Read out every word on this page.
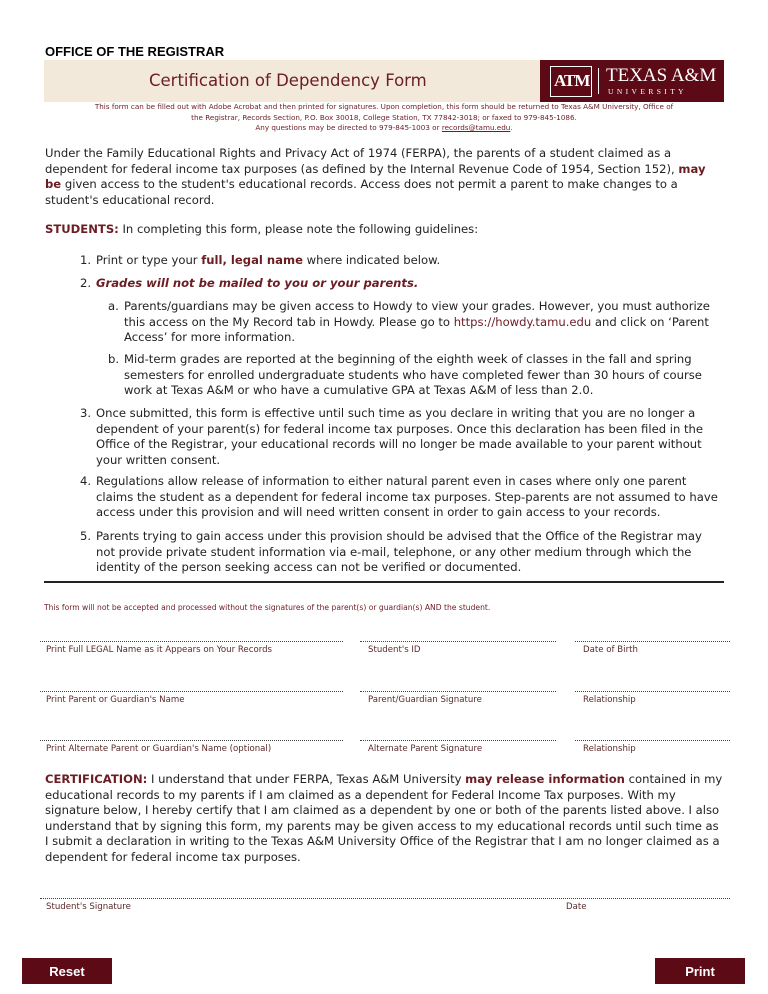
OFFICE OF THE REGISTRAR
Certification of Dependency Form	ATM TEXAS A&M
UNIVERSITY
This form can be filled out with Adobe Acrobat and then printed for signatures. Upon completion, this form should be returned to Texas A&M University, Office of
the Registrar, Records Section, P.O. Box 30018, College Station, TX 77842-3018; or faxed to 979-845-1086.
Any questions may be directed to 979-845-1003 or records@tamu.edu.
Under the Family Educational Rights and Privacy Act of 1974 (FERPA), the parents of a student claimed as a dependent for federal income tax purposes (as defined by the Internal Revenue Code of 1954, Section 152), may be given access to the student's educational records. Access does not permit a parent to make changes to a student's educational record.
STUDENTS: In completing this form, please note the following guidelines:
1. Print or type your full, legal name where indicated below.
2. Grades will not be mailed to you or your parents.
a. Parents/guardians may be given access to Howdy to view your grades. However, you must authorize this access on the My Record tab in Howdy. Please go to https://howdy.tamu.edu and click on ‘Parent Access’ for more information.
b. Mid-term grades are reported at the beginning of the eighth week of classes in the fall and spring semesters for enrolled undergraduate students who have completed fewer than 30 hours of course work at Texas A&M or who have a cumulative GPA at Texas A&M of less than 2.0.
3. Once submitted, this form is effective until such time as you declare in writing that you are no longer a dependent of your parent(s) for federal income tax purposes. Once this declaration has been filed in the Office of the Registrar, your educational records will no longer be made available to your parent without your written consent.
4. Regulations allow release of information to either natural parent even in cases where only one parent claims the student as a dependent for federal income tax purposes. Step-parents are not assumed to have access under this provision and will need written consent in order to gain access to your records.
5. Parents trying to gain access under this provision should be advised that the Office of the Registrar may not provide private student information via e-mail, telephone, or any other medium through which the identity of the person seeking access can not be verified or documented.
This form will not be accepted and processed without the signatures of the parent(s) or guardian(s) AND the student.
Print Full LEGAL Name as it Appears on Your Records	Student's ID	Date of Birth
Print Parent or Guardian's Name	Parent/Guardian Signature	Relationship
Print Alternate Parent or Guardian's Name (optional)	Alternate Parent Signature	Relationship
CERTIFICATION: I understand that under FERPA, Texas A&M University may release information contained in my educational records to my parents if I am claimed as a dependent for Federal Income Tax purposes. With my signature below, I hereby certify that I am claimed as a dependent by one or both of the parents listed above. I also understand that by signing this form, my parents may be given access to my educational records until such time as I submit a declaration in writing to the Texas A&M University Office of the Registrar that I am no longer claimed as a dependent for federal income tax purposes.
Student's Signature	Date
Reset	Print
